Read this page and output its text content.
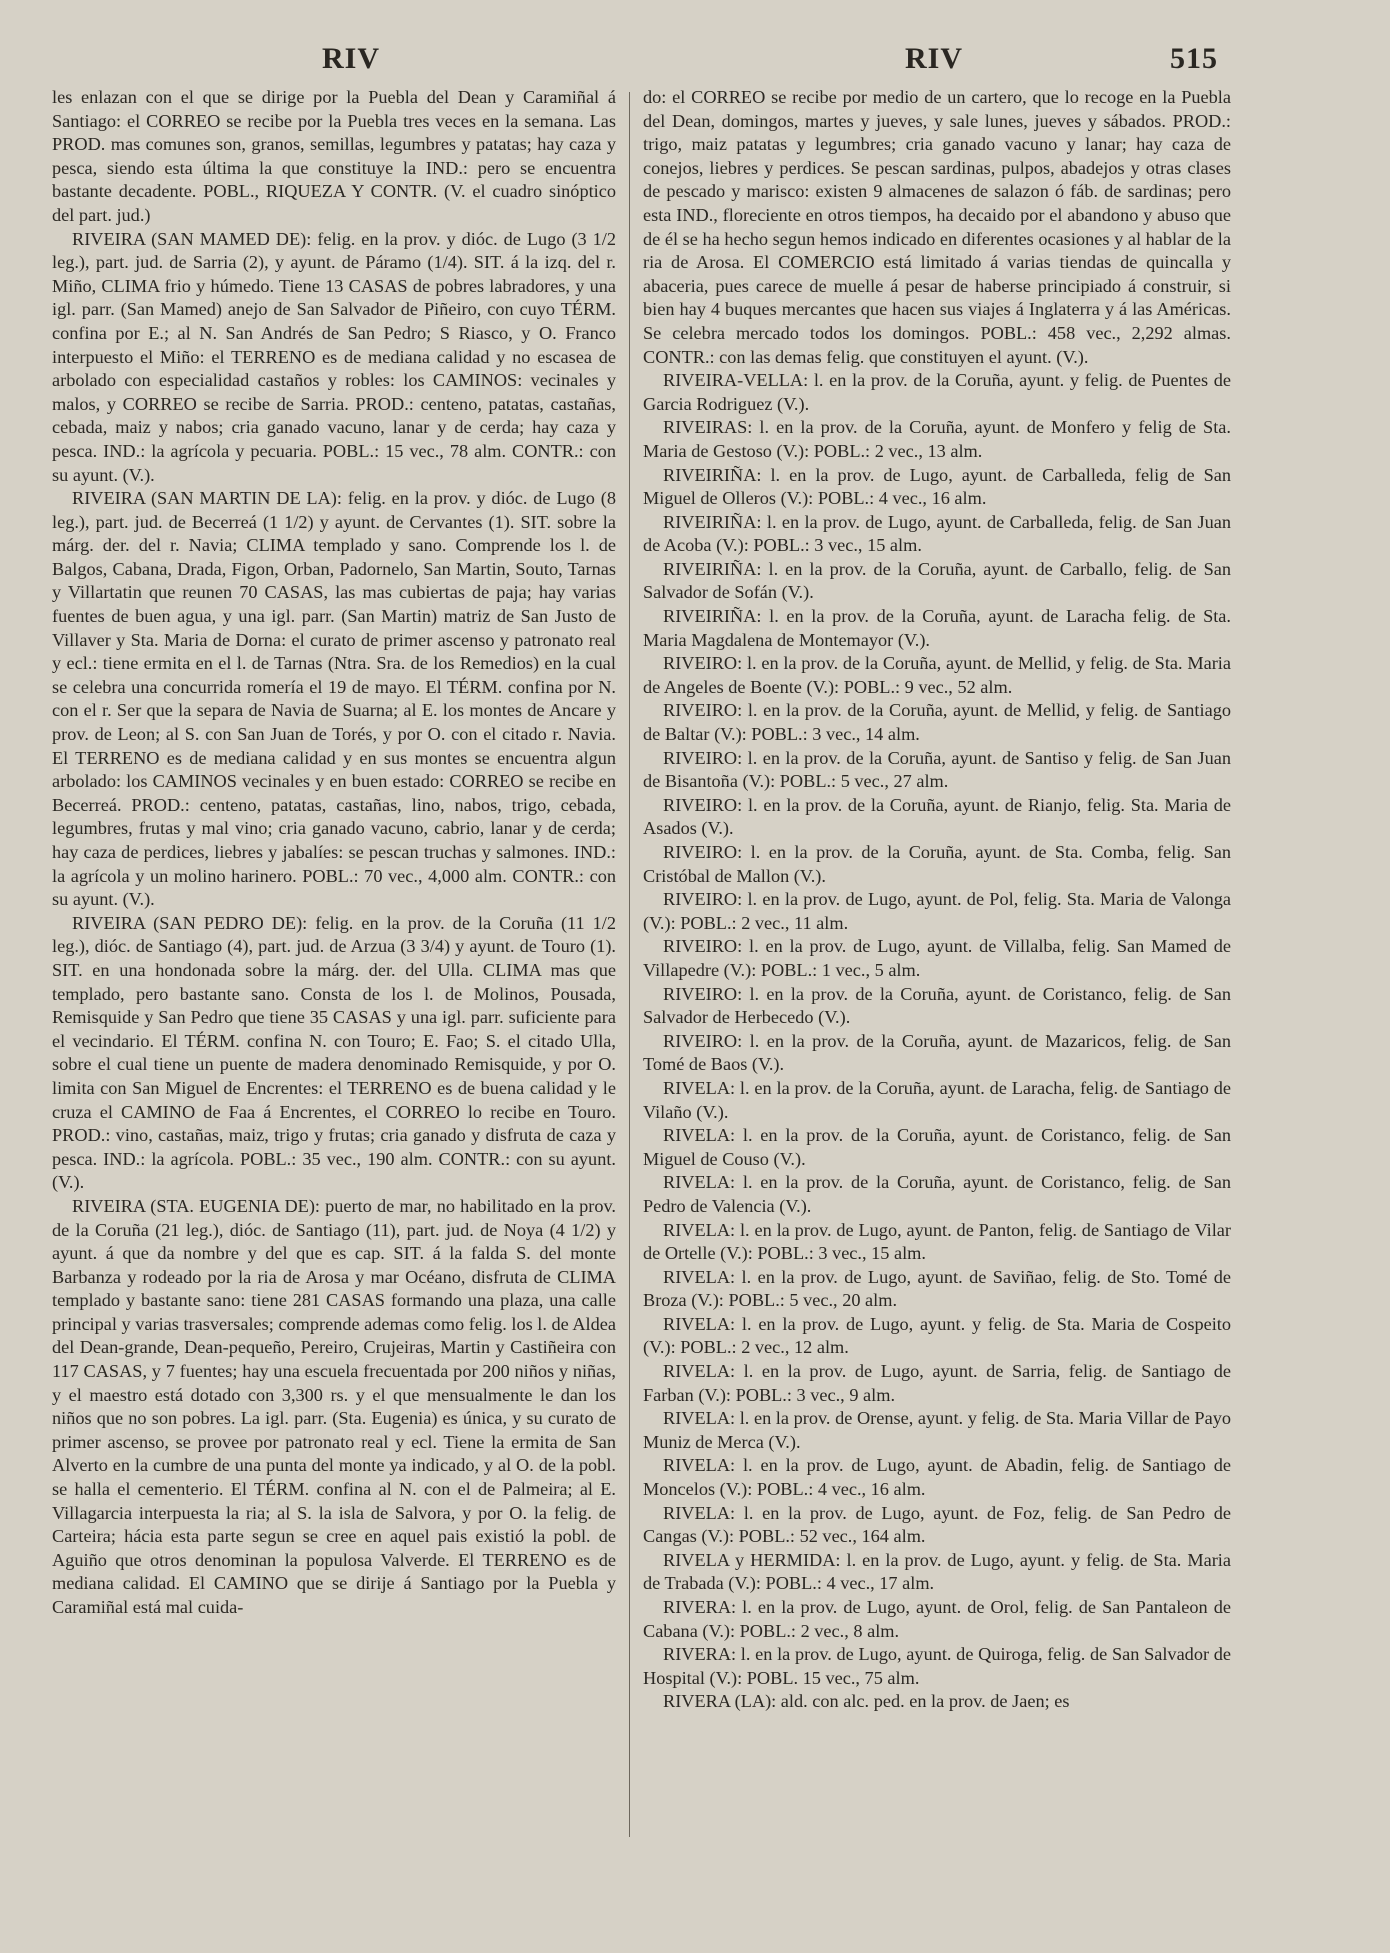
RIV	RIV	515

les enlazan con el que se dirige por la Puebla del Dean y Caramiñal á Santiago: el CORREO se recibe por la Puebla tres veces en la semana. Las PROD. mas comunes son, granos, semillas, legumbres y patatas; hay caza y pesca, siendo esta última la que constituye la IND.: pero se encuentra bastante decadente. POBL., RIQUEZA Y CONTR. (V. el cuadro sinóptico del part. jud.)

RIVEIRA (SAN MAMED DE): felig. en la prov. y dióc. de Lugo (3 1/2 leg.), part. jud. de Sarria (2), y ayunt. de Páramo (1/4). SIT. á la izq. del r. Miño, CLIMA frio y húmedo. Tiene 13 CASAS de pobres labradores, y una igl. parr. (San Mamed) anejo de San Salvador de Piñeiro, con cuyo TÉRM. confina por E.; al N. San Andrés de San Pedro; S Riasco, y O. Franco interpuesto el Miño: el TERRENO es de mediana calidad y no escasea de arbolado con especialidad castaños y robles: los CAMINOS: vecinales y malos, y CORREO se recibe de Sarria. PROD.: centeno, patatas, castañas, cebada, maiz y nabos; cria ganado vacuno, lanar y de cerda; hay caza y pesca. IND.: la agrícola y pecuaria. POBL.: 15 vec., 78 alm. CONTR.: con su ayunt. (V.).

RIVEIRA (SAN MARTIN DE LA): felig. en la prov. y dióc. de Lugo (8 leg.), part. jud. de Becerreá (1 1/2) y ayunt. de Cervantes (1). SIT. sobre la márg. der. del r. Navia; CLIMA templado y sano. Comprende los l. de Balgos, Cabana, Drada, Figon, Orban, Padornelo, San Martin, Souto, Tarnas y Villartatin que reunen 70 CASAS, las mas cubiertas de paja; hay varias fuentes de buen agua, y una igl. parr. (San Martin) matriz de San Justo de Villaver y Sta. Maria de Dorna: el curato de primer ascenso y patronato real y ecl.: tiene ermita en el l. de Tarnas (Ntra. Sra. de los Remedios) en la cual se celebra una concurrida romería el 19 de mayo. El TÉRM. confina por N. con el r. Ser que la separa de Navia de Suarna; al E. los montes de Ancare y prov. de Leon; al S. con San Juan de Torés, y por O. con el citado r. Navia. El TERRENO es de mediana calidad y en sus montes se encuentra algun arbolado: los CAMINOS vecinales y en buen estado: CORREO se recibe en Becerreá. PROD.: centeno, patatas, castañas, lino, nabos, trigo, cebada, legumbres, frutas y mal vino; cria ganado vacuno, cabrio, lanar y de cerda; hay caza de perdices, liebres y jabalíes: se pescan truchas y salmones. IND.: la agrícola y un molino harinero. POBL.: 70 vec., 4,000 alm. CONTR.: con su ayunt. (V.).

RIVEIRA (SAN PEDRO DE): felig. en la prov. de la Coruña (11 1/2 leg.), dióc. de Santiago (4), part. jud. de Arzua (3 3/4) y ayunt. de Touro (1). SIT. en una hondonada sobre la márg. der. del Ulla. CLIMA mas que templado, pero bastante sano. Consta de los l. de Molinos, Pousada, Remisquide y San Pedro que tiene 35 CASAS y una igl. parr. suficiente para el vecindario. El TÉRM. confina N. con Touro; E. Fao; S. el citado Ulla, sobre el cual tiene un puente de madera denominado Remisquide, y por O. limita con San Miguel de Encrentes: el TERRENO es de buena calidad y le cruza el CAMINO de Faa á Encrentes, el CORREO lo recibe en Touro. PROD.: vino, castañas, maiz, trigo y frutas; cria ganado y disfruta de caza y pesca. IND.: la agrícola. POBL.: 35 vec., 190 alm. CONTR.: con su ayunt. (V.).

RIVEIRA (STA. EUGENIA DE): puerto de mar, no habilitado en la prov. de la Coruña (21 leg.), dióc. de Santiago (11), part. jud. de Noya (4 1/2) y ayunt. á que da nombre y del que es cap. SIT. á la falda S. del monte Barbanza y rodeado por la ria de Arosa y mar Océano, disfruta de CLIMA templado y bastante sano: tiene 281 CASAS formando una plaza, una calle principal y varias trasversales; comprende ademas como felig. los l. de Aldea del Dean-grande, Dean-pequeño, Pereiro, Crujeiras, Martin y Castiñeira con 117 CASAS, y 7 fuentes; hay una escuela frecuentada por 200 niños y niñas, y el maestro está dotado con 3,300 rs. y el que mensualmente le dan los niños que no son pobres. La igl. parr. (Sta. Eugenia) es única, y su curato de primer ascenso, se provee por patronato real y ecl. Tiene la ermita de San Alverto en la cumbre de una punta del monte ya indicado, y al O. de la pobl. se halla el cementerio. El TÉRM. confina al N. con el de Palmeira; al E. Villagarcia interpuesta la ria; al S. la isla de Salvora, y por O. la felig. de Carteira; hácia esta parte segun se cree en aquel pais existió la pobl. de Aguiño que otros denominan la populosa Valverde. El TERRENO es de mediana calidad. El CAMINO que se dirije á Santiago por la Puebla y Caramiñal está mal cuida-

do: el CORREO se recibe por medio de un cartero, que lo recoge en la Puebla del Dean, domingos, martes y jueves, y sale lunes, jueves y sábados. PROD.: trigo, maiz patatas y legumbres; cria ganado vacuno y lanar; hay caza de conejos, liebres y perdices. Se pescan sardinas, pulpos, abadejos y otras clases de pescado y marisco: existen 9 almacenes de salazon ó fáb. de sardinas; pero esta IND., floreciente en otros tiempos, ha decaido por el abandono y abuso que de él se ha hecho segun hemos indicado en diferentes ocasiones y al hablar de la ria de Arosa. El COMERCIO está limitado á varias tiendas de quincalla y abaceria, pues carece de muelle á pesar de haberse principiado á construir, si bien hay 4 buques mercantes que hacen sus viajes á Inglaterra y á las Américas. Se celebra mercado todos los domingos. POBL.: 458 vec., 2,292 almas. CONTR.: con las demas felig. que constituyen el ayunt. (V.).

RIVEIRA-VELLA: l. en la prov. de la Coruña, ayunt. y felig. de Puentes de Garcia Rodriguez (V.).

RIVEIRAS: l. en la prov. de la Coruña, ayunt. de Monfero y felig de Sta. Maria de Gestoso (V.): POBL.: 2 vec., 13 alm.

RIVEIRIÑA: l. en la prov. de Lugo, ayunt. de Carballeda, felig de San Miguel de Olleros (V.): POBL.: 4 vec., 16 alm.

RIVEIRIÑA: l. en la prov. de Lugo, ayunt. de Carballeda, felig. de San Juan de Acoba (V.): POBL.: 3 vec., 15 alm.

RIVEIRIÑA: l. en la prov. de la Coruña, ayunt. de Carballo, felig. de San Salvador de Sofán (V.).

RIVEIRIÑA: l. en la prov. de la Coruña, ayunt. de Laracha felig. de Sta. Maria Magdalena de Montemayor (V.).

RIVEIRO: l. en la prov. de la Coruña, ayunt. de Mellid, y felig. de Sta. Maria de Angeles de Boente (V.): POBL.: 9 vec., 52 alm.

RIVEIRO: l. en la prov. de la Coruña, ayunt. de Mellid, y felig. de Santiago de Baltar (V.): POBL.: 3 vec., 14 alm.

RIVEIRO: l. en la prov. de la Coruña, ayunt. de Santiso y felig. de San Juan de Bisantoña (V.): POBL.: 5 vec., 27 alm.

RIVEIRO: l. en la prov. de la Coruña, ayunt. de Rianjo, felig. Sta. Maria de Asados (V.).

RIVEIRO: l. en la prov. de la Coruña, ayunt. de Sta. Comba, felig. San Cristóbal de Mallon (V.).

RIVEIRO: l. en la prov. de Lugo, ayunt. de Pol, felig. Sta. Maria de Valonga (V.): POBL.: 2 vec., 11 alm.

RIVEIRO: l. en la prov. de Lugo, ayunt. de Villalba, felig. San Mamed de Villapedre (V.): POBL.: 1 vec., 5 alm.

RIVEIRO: l. en la prov. de la Coruña, ayunt. de Coristanco, felig. de San Salvador de Herbecedo (V.).

RIVEIRO: l. en la prov. de la Coruña, ayunt. de Mazaricos, felig. de San Tomé de Baos (V.).

RIVELA: l. en la prov. de la Coruña, ayunt. de Laracha, felig. de Santiago de Vilaño (V.).

RIVELA: l. en la prov. de la Coruña, ayunt. de Coristanco, felig. de San Miguel de Couso (V.).

RIVELA: l. en la prov. de la Coruña, ayunt. de Coristanco, felig. de San Pedro de Valencia (V.).

RIVELA: l. en la prov. de Lugo, ayunt. de Panton, felig. de Santiago de Vilar de Ortelle (V.): POBL.: 3 vec., 15 alm.

RIVELA: l. en la prov. de Lugo, ayunt. de Saviñao, felig. de Sto. Tomé de Broza (V.): POBL.: 5 vec., 20 alm.

RIVELA: l. en la prov. de Lugo, ayunt. y felig. de Sta. Maria de Cospeito (V.): POBL.: 2 vec., 12 alm.

RIVELA: l. en la prov. de Lugo, ayunt. de Sarria, felig. de Santiago de Farban (V.): POBL.: 3 vec., 9 alm.

RIVELA: l. en la prov. de Orense, ayunt. y felig. de Sta. Maria Villar de Payo Muniz de Merca (V.).

RIVELA: l. en la prov. de Lugo, ayunt. de Abadin, felig. de Santiago de Moncelos (V.): POBL.: 4 vec., 16 alm.

RIVELA: l. en la prov. de Lugo, ayunt. de Foz, felig. de San Pedro de Cangas (V.): POBL.: 52 vec., 164 alm.

RIVELA y HERMIDA: l. en la prov. de Lugo, ayunt. y felig. de Sta. Maria de Trabada (V.): POBL.: 4 vec., 17 alm.

RIVERA: l. en la prov. de Lugo, ayunt. de Orol, felig. de San Pantaleon de Cabana (V.): POBL.: 2 vec., 8 alm.

RIVERA: l. en la prov. de Lugo, ayunt. de Quiroga, felig. de San Salvador de Hospital (V.): POBL. 15 vec., 75 alm.

RIVERA (LA): ald. con alc. ped. en la prov. de Jaen; es
